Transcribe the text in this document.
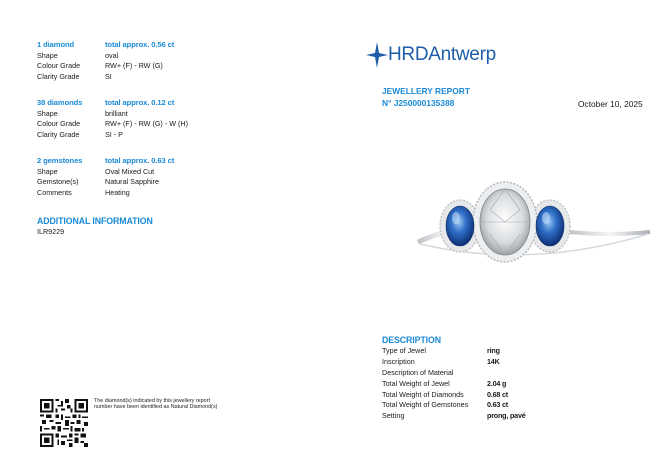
1 diamond	total approx. 0.56 ct
Shape	oval
Colour Grade	RW+ (F) - RW (G)
Clarity Grade	SI
38 diamonds	total approx. 0.12 ct
Shape	brilliant
Colour Grade	RW+ (F) - RW (G) - W (H)
Clarity Grade	SI - P
2 gemstones	total approx. 0.63 ct
Shape	Oval Mixed Cut
Gemstone(s)	Natural Sapphire
Comments	Heating
ADDITIONAL INFORMATION
ILR9229
HRDAntwerp
JEWELLERY REPORT
N° J250000135388	October 10, 2025
DESCRIPTION
Type of Jewel	ring
Inscription	14K
Description of Material
Total Weight of Jewel	2.04 g
Total Weight of Diamonds	0.68 ct
Total Weight of Gemstones	0.63 ct
Setting	prong, pavé
The diamond(s) indicated by this jewellery report number have been identified as Natural Diamond(s)
